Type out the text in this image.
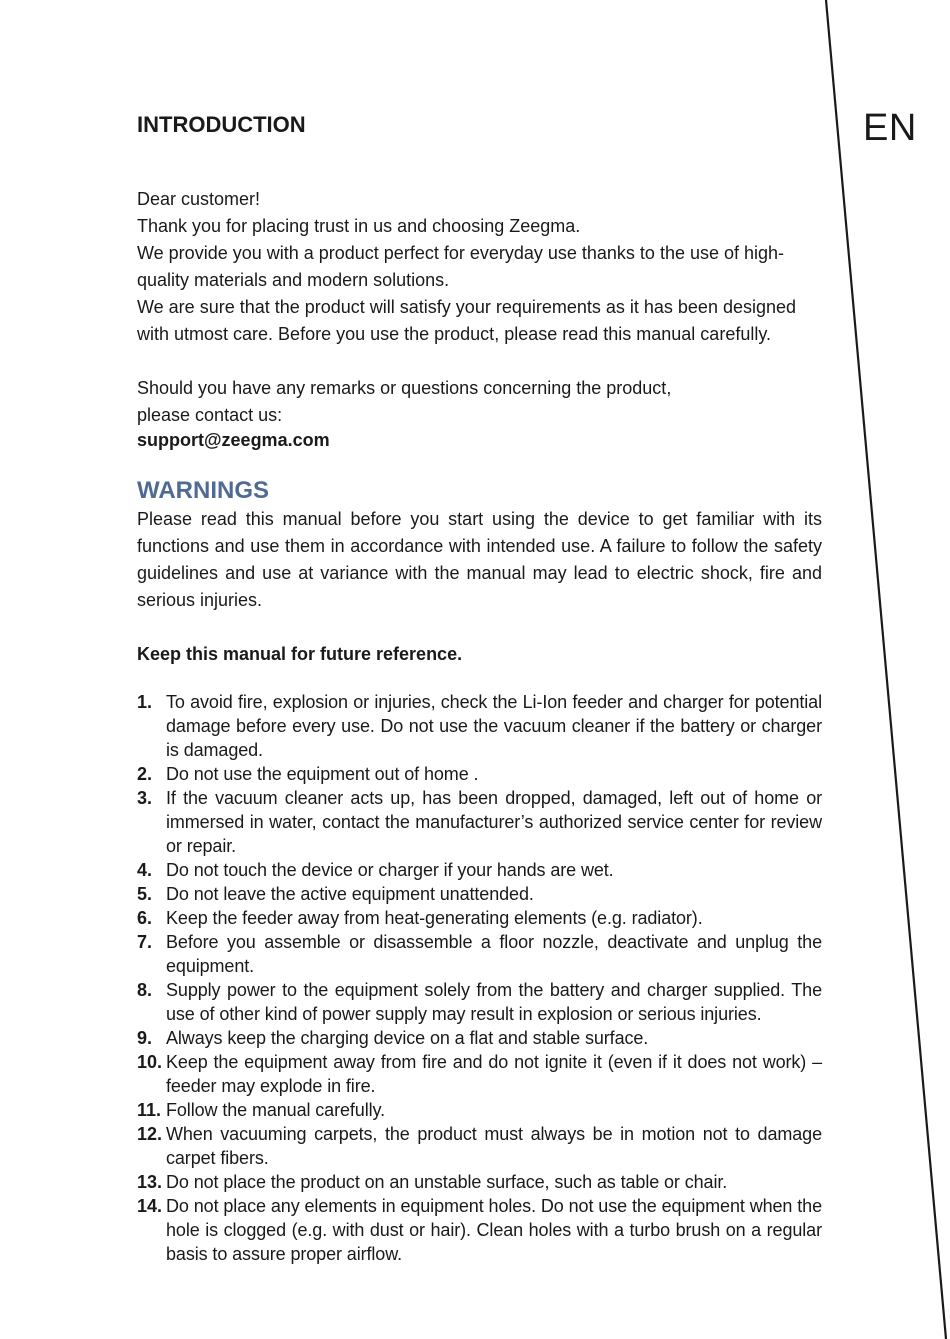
EN
INTRODUCTION

Dear customer!

Thank you for placing trust in us and choosing Zeegma.

We provide you with a product perfect for everyday use thanks to the use of high-quality materials and modern solutions.

We are sure that the product will satisfy your requirements as it has been designed with utmost care. Before you use the product, please read this manual carefully.

Should you have any remarks or questions concerning the product,

please contact us:

support@zeegma.com

WARNINGS
Please read this manual before you start using the device to get familiar with its functions and use them in accordance with intended use. A failure to follow the safety guidelines and use at variance with the manual may lead to electric shock, fire and serious injuries.
Keep this manual for future reference.
1. To avoid fire, explosion or injuries, check the Li-Ion feeder and charger for potential damage before every use. Do not use the vacuum cleaner if the battery or charger is damaged.
2. Do not use the equipment out of home .
3. If the vacuum cleaner acts up, has been dropped, damaged, left out of home or immersed in water, contact the manufacturer’s authorized service center for review or repair.
4. Do not touch the device or charger if your hands are wet.
5. Do not leave the active equipment unattended.
6. Keep the feeder away from heat-generating elements (e.g. radiator).
7. Before you assemble or disassemble a floor nozzle, deactivate and unplug the equipment.
8. Supply power to the equipment solely from the battery and charger supplied. The use of other kind of power supply may result in explosion or serious injuries.
9. Always keep the charging device on a flat and stable surface.
10. Keep the equipment away from fire and do not ignite it (even if it does not work) – feeder may explode in fire.
11. Follow the manual carefully.
12. When vacuuming carpets, the product must always be in motion not to damage carpet fibers.
13. Do not place the product on an unstable surface, such as table or chair.
14. Do not place any elements in equipment holes. Do not use the equipment when the hole is clogged (e.g. with dust or hair). Clean holes with a turbo brush on a regular basis to assure proper airflow.
